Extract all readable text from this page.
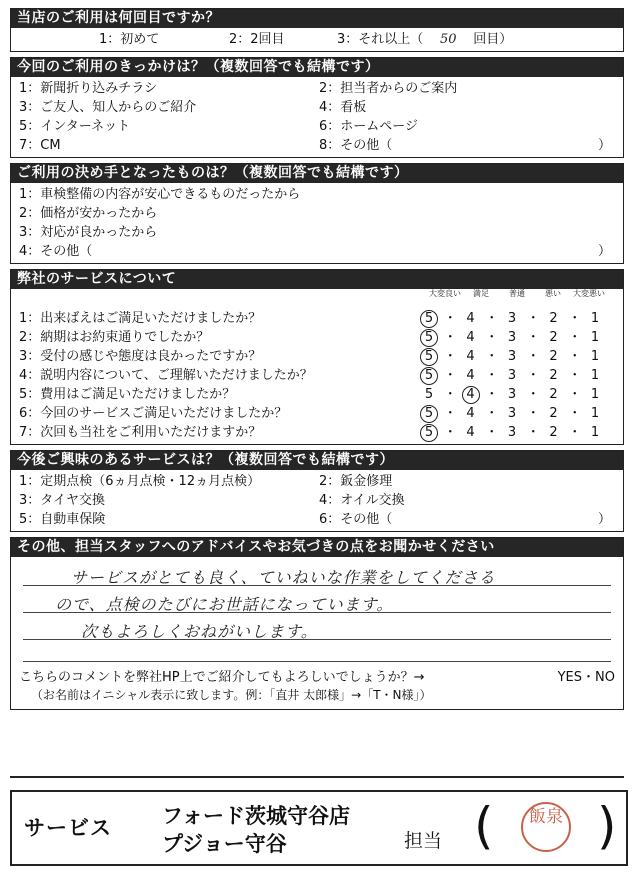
当店のご利用は何回目ですか？
1：初めて	2：2回目	3：それ以上（	50	回目）
今回のご利用のきっかけは？（複数回答でも結構です）
1：新聞折り込みチラシ	2：担当者からのご案内
3：ご友人、知人からのご紹介	4：看板
5：インターネット	6：ホームページ
7：CM	8：その他（	）
ご利用の決め手となったものは？（複数回答でも結構です）
1：車検整備の内容が安心できるものだったから
2：価格が安かったから
3：対応が良かったから
4：その他（	）
弊社のサービスについて
大変良い	満足	普通	悪い	大変悪い
1：出来ばえはご満足いただけましたか？	5 ・ 4 ・ 3 ・ 2 ・ 1
2：納期はお約束通りでしたか？	5 ・ 4 ・ 3 ・ 2 ・ 1
3：受付の感じや態度は良かったですか？	5 ・ 4 ・ 3 ・ 2 ・ 1
4：説明内容について、ご理解いただけましたか？	5 ・ 4 ・ 3 ・ 2 ・ 1
5：費用はご満足いただけましたか？	5 ・ 4 ・ 3 ・ 2 ・ 1
6：今回のサービスご満足いただけましたか？	5 ・ 4 ・ 3 ・ 2 ・ 1
7：次回も当社をご利用いただけますか？	5 ・ 4 ・ 3 ・ 2 ・ 1
今後ご興味のあるサービスは？（複数回答でも結構です）
1：定期点検（6ヵ月点検・12ヵ月点検）	2：鈑金修理
3：タイヤ交換	4：オイル交換
5：自動車保険	6：その他（	）
その他、担当スタッフへのアドバイスやお気づきの点をお聞かせください
サービスがとても良く、ていねいな作業をしてくださる
ので、点検のたびにお世話になっています。
次もよろしくおねがいします。
こちらのコメントを弊社HP上でご紹介してもよろしいでしょうか？→	YES・NO
（お名前はイニシャル表示に致します。例：「直井 太郎様」→「T・N様」）
サービス フォード茨城守谷店
プジョー守谷	担当 (	飯泉 )
